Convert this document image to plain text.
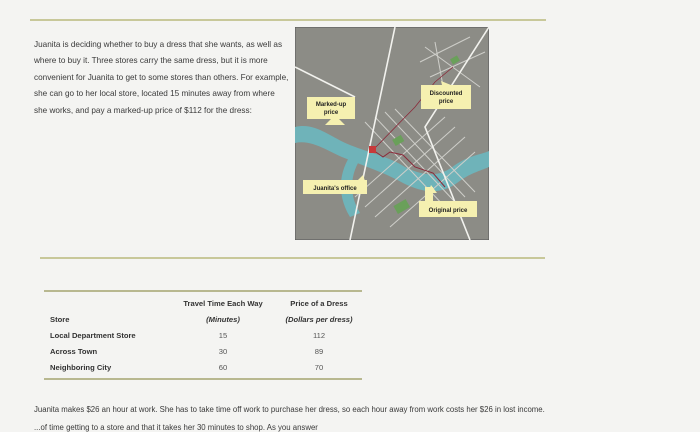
Juanita is deciding whether to buy a dress that she wants, as well as where to buy it. Three stores carry the same dress, but it is more convenient for Juanita to get to some stores than others. For example, she can go to her local store, located 15 minutes away from where she works, and pay a marked-up price of $112 for the dress:
Marked-up
price
Discounted
price
Juanita's office
Original price
	Travel Time Each Way	Price of a Dress
Store	(Minutes)	(Dollars per dress)
Local Department Store	15	112
Across Town	30	89
Neighboring City	60	70
Juanita makes $26 an hour at work. She has to take time off work to purchase her dress, so each hour away from work costs her $26 in lost income.
...of time getting to a store and that it takes her 30 minutes to shop. As you answer
